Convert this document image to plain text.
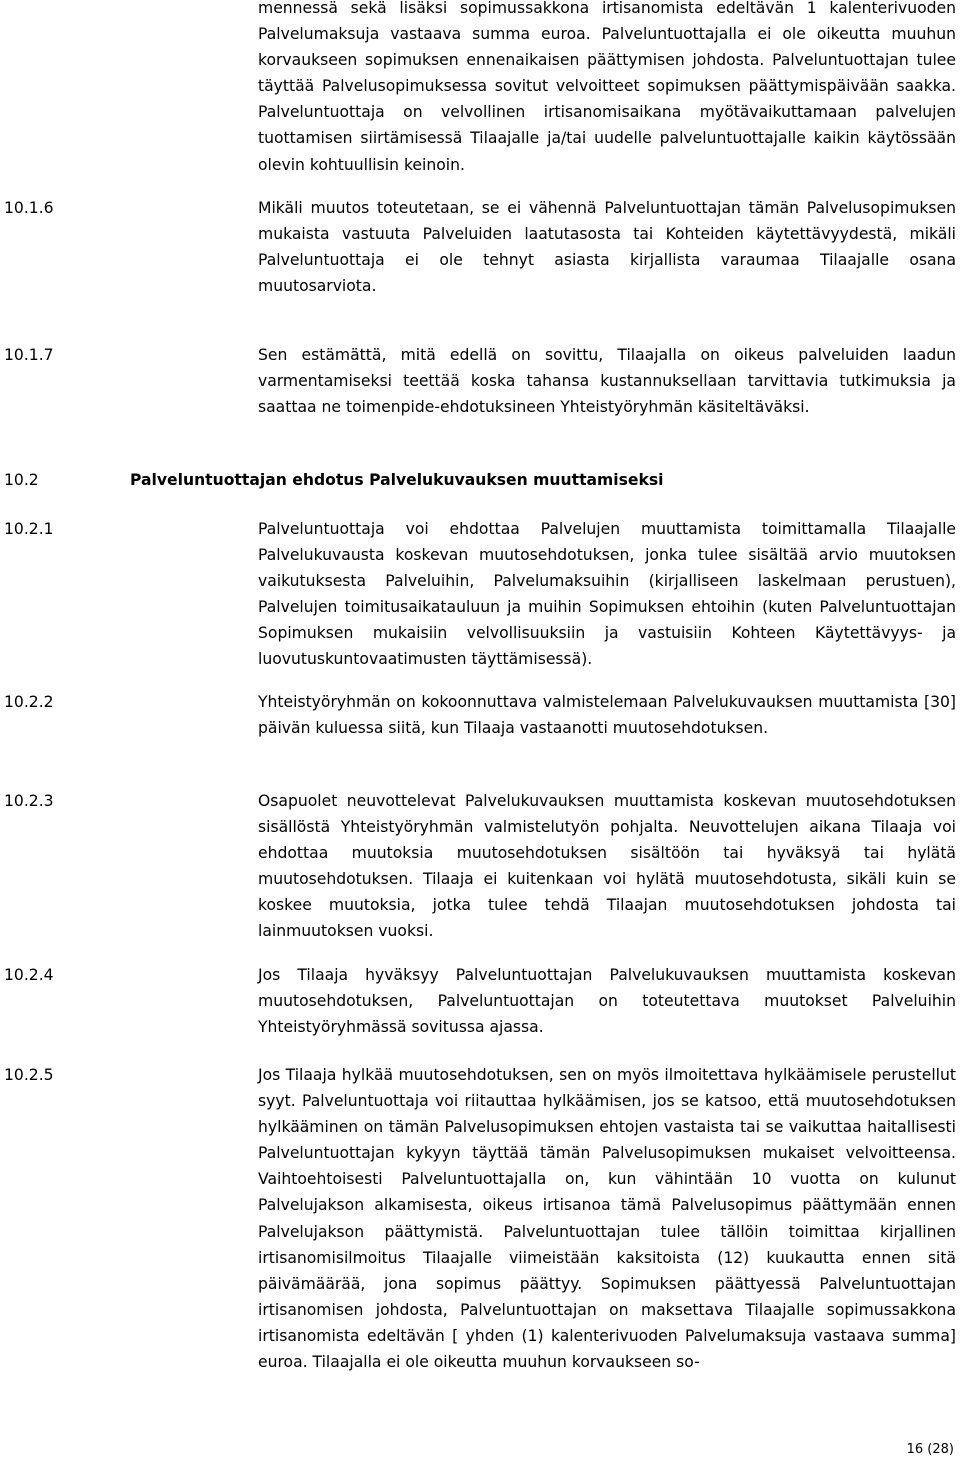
mennessä sekä lisäksi sopimussakkona irtisanomista edeltävän 1 kalenterivuoden Palvelumaksuja vastaava summa euroa. Palveluntuottajalla ei ole oikeutta muuhun korvaukseen sopimuksen ennenaikaisen päättymisen johdosta. Palveluntuottajan tulee täyttää Palvelusopimuksessa sovitut velvoitteet sopimuksen päättymispäivään saakka. Palveluntuottaja on velvollinen irtisanomisaikana myötävaikuttamaan palvelujen tuottamisen siirtämisessä Tilaajalle ja/tai uudelle palveluntuottajalle kaikin käytössään olevin kohtuullisin keinoin.

10.1.6	Mikäli muutos toteutetaan, se ei vähennä Palveluntuottajan tämän Palvelusopimuksen mukaista vastuuta Palveluiden laatutasosta tai Kohteiden käytettävyydestä, mikäli Palveluntuottaja ei ole tehnyt asiasta kirjallista varaumaa Tilaajalle osana muutosarviota.

10.1.7	Sen estämättä, mitä edellä on sovittu, Tilaajalla on oikeus palveluiden laadun varmentamiseksi teettää koska tahansa kustannuksellaan tarvittavia tutkimuksia ja saattaa ne toimenpide-ehdotuksineen Yhteistyöryhmän käsiteltäväksi.

10.2	Palveluntuottajan ehdotus Palvelukuvauksen muuttamiseksi

10.2.1	Palveluntuottaja voi ehdottaa Palvelujen muuttamista toimittamalla Tilaajalle Palvelukuvausta koskevan muutosehdotuksen, jonka tulee sisältää arvio muutoksen vaikutuksesta Palveluihin, Palvelumaksuihin (kirjalliseen laskelmaan perustuen), Palvelujen toimitusaikatauluun ja muihin Sopimuksen ehtoihin (kuten Palveluntuottajan Sopimuksen mukaisiin velvollisuuksiin ja vastuisiin Kohteen Käytettävyys- ja luovutuskuntovaatimusten täyttämisessä).

10.2.2	Yhteistyöryhmän on kokoonnuttava valmistelemaan Palvelukuvauksen muuttamista [30] päivän kuluessa siitä, kun Tilaaja vastaanotti muutosehdotuksen.

10.2.3	Osapuolet neuvottelevat Palvelukuvauksen muuttamista koskevan muutosehdotuksen sisällöstä Yhteistyöryhmän valmistelutyön pohjalta. Neuvottelujen aikana Tilaaja voi ehdottaa muutoksia muutosehdotuksen sisältöön tai hyväksyä tai hylätä muutosehdotuksen. Tilaaja ei kuitenkaan voi hylätä muutosehdotusta, sikäli kuin se koskee muutoksia, jotka tulee tehdä Tilaajan muutosehdotuksen johdosta tai lainmuutoksen vuoksi.

10.2.4	Jos Tilaaja hyväksyy Palveluntuottajan Palvelukuvauksen muuttamista koskevan muutosehdotuksen, Palveluntuottajan on toteutettava muutokset Palveluihin Yhteistyöryhmässä sovitussa ajassa.

10.2.5	Jos Tilaaja hylkää muutosehdotuksen, sen on myös ilmoitettava hylkäämisele perustellut syyt. Palveluntuottaja voi riitauttaa hylkäämisen, jos se katsoo, että muutosehdotuksen hylkääminen on tämän Palvelusopimuksen ehtojen vastaista tai se vaikuttaa haitallisesti Palveluntuottajan kykyyn täyttää tämän Palvelusopimuksen mukaiset velvoitteensa. Vaihtoehtoisesti Palveluntuottajalla on, kun vähintään 10 vuotta on kulunut Palvelujakson alkamisesta, oikeus irtisanoa tämä Palvelusopimus päättymään ennen Palvelujakson päättymistä. Palveluntuottajan tulee tällöin toimittaa kirjallinen irtisanomisilmoitus Tilaajalle viimeistään kaksitoista (12) kuukautta ennen sitä päivämäärää, jona sopimus päättyy. Sopimuksen päättyessä Palveluntuottajan irtisanomisen johdosta, Palveluntuottajan on maksettava Tilaajalle sopimussakkona irtisanomista edeltävän [ yhden (1) kalenterivuoden Palvelumaksuja vastaava summa] euroa. Tilaajalla ei ole oikeutta muuhun korvaukseen so-

16 (28)
